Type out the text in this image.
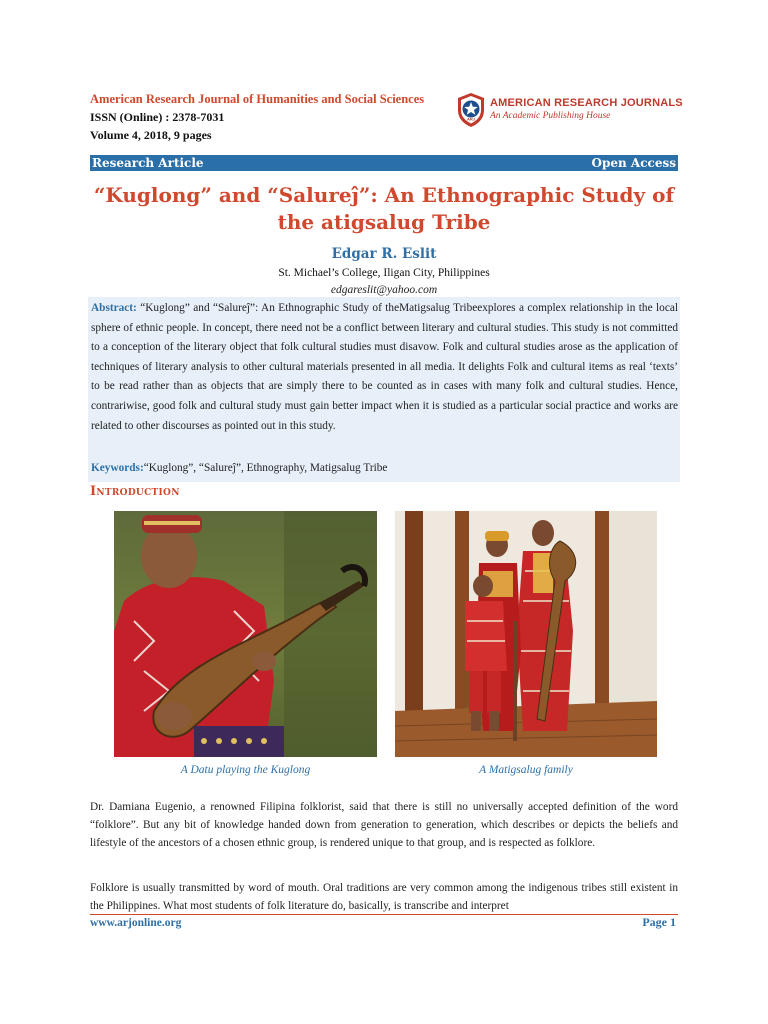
American Research Journal of Humanities and Social Sciences
ISSN (Online) : 2378-7031
Volume 4, 2018, 9 pages
ARJ
AMERICAN RESEARCH JOURNALS
An Academic Publishing House
Research Article	Open Access
“Kuglong” and “Salureĵ”: An Ethnographic Study of the atigsalug Tribe
Edgar R. Eslit
St. Michael’s College, Iligan City, Philippines
edgareslit@yahoo.com
Abstract: “Kuglong” and “Salureĵ”: An Ethnographic Study of theMatigsalug Tribeexplores a complex relationship in the local sphere of ethnic people. In concept, there need not be a conflict between literary and cultural studies. This study is not committed to a conception of the literary object that folk cultural studies must disavow. Folk and cultural studies arose as the application of techniques of literary analysis to other cultural materials presented in all media. It delights Folk and cultural items as real ‘texts’ to be read rather than as objects that are simply there to be counted as in cases with many folk and cultural studies. Hence, contrariwise, good folk and cultural study must gain better impact when it is studied as a particular social practice and works are related to other discourses as pointed out in this study.
Keywords:“Kuglong”, “Salureĵ”, Ethnography, Matigsalug Tribe
Introduction
A Datu playing the Kuglong	A Matigsalug family
Dr. Damiana Eugenio, a renowned Filipina folklorist, said that there is still no universally accepted definition of the word “folklore”. But any bit of knowledge handed down from generation to generation, which describes or depicts the beliefs and lifestyle of the ancestors of a chosen ethnic group, is rendered unique to that group, and is respected as folklore.
Folklore is usually transmitted by word of mouth. Oral traditions are very common among the indigenous tribes still existent in the Philippines. What most students of folk literature do, basically, is transcribe and interpret
www.arjonline.org	Page 1
